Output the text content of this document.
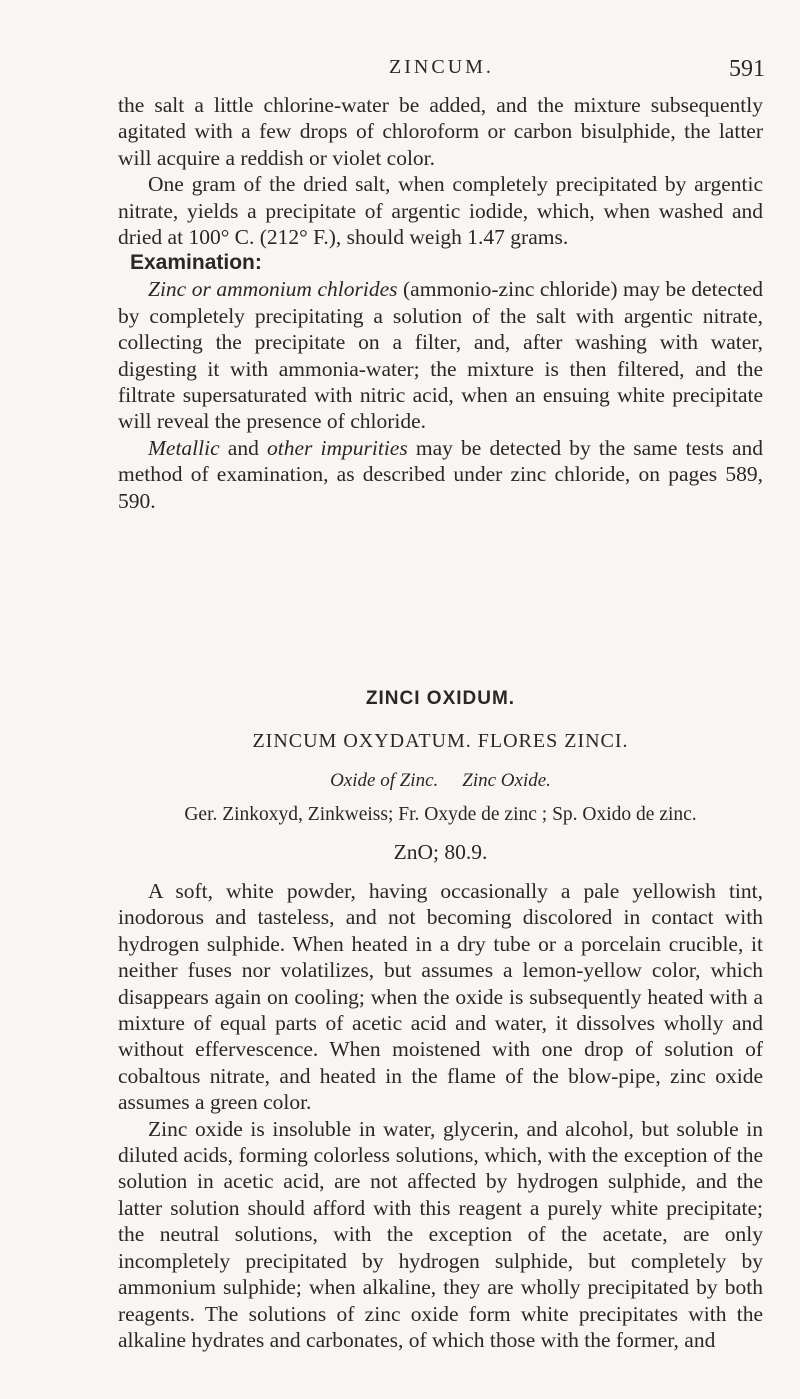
ZINCUM.	591

the salt a little chlorine-water be added, and the mixture subsequently agitated with a few drops of chloroform or carbon bisulphide, the latter will acquire a reddish or violet color.

One gram of the dried salt, when completely precipitated by argentic nitrate, yields a precipitate of argentic iodide, which, when washed and dried at 100° C. (212° F.), should weigh 1.47 grams.

Examination:

Zinc or ammonium chlorides (ammonio-zinc chloride) may be detected by completely precipitating a solution of the salt with argentic nitrate, collecting the precipitate on a filter, and, after washing with water, digesting it with ammonia-water; the mixture is then filtered, and the filtrate supersaturated with nitric acid, when an ensuing white precipitate will reveal the presence of chloride.

Metallic and other impurities may be detected by the same tests and method of examination, as described under zinc chloride, on pages 589, 590.

ZINCI OXIDUM.
ZINCUM OXYDATUM. FLORES ZINCI.
Oxide of Zinc. Zinc Oxide.
Ger. Zinkoxyd, Zinkweiss; Fr. Oxyde de zinc ; Sp. Oxido de zinc.
ZnO; 80.9.

A soft, white powder, having occasionally a pale yellowish tint, inodorous and tasteless, and not becoming discolored in contact with hydrogen sulphide. When heated in a dry tube or a porcelain crucible, it neither fuses nor volatilizes, but assumes a lemon-yellow color, which disappears again on cooling; when the oxide is subsequently heated with a mixture of equal parts of acetic acid and water, it dissolves wholly and without effervescence. When moistened with one drop of solution of cobaltous nitrate, and heated in the flame of the blow-pipe, zinc oxide assumes a green color.

Zinc oxide is insoluble in water, glycerin, and alcohol, but soluble in diluted acids, forming colorless solutions, which, with the exception of the solution in acetic acid, are not affected by hydrogen sulphide, and the latter solution should afford with this reagent a purely white precipitate; the neutral solutions, with the exception of the acetate, are only incompletely precipitated by hydrogen sulphide, but completely by ammonium sulphide; when alkaline, they are wholly precipitated by both reagents. The solutions of zinc oxide form white precipitates with the alkaline hydrates and carbonates, of which those with the former, and
